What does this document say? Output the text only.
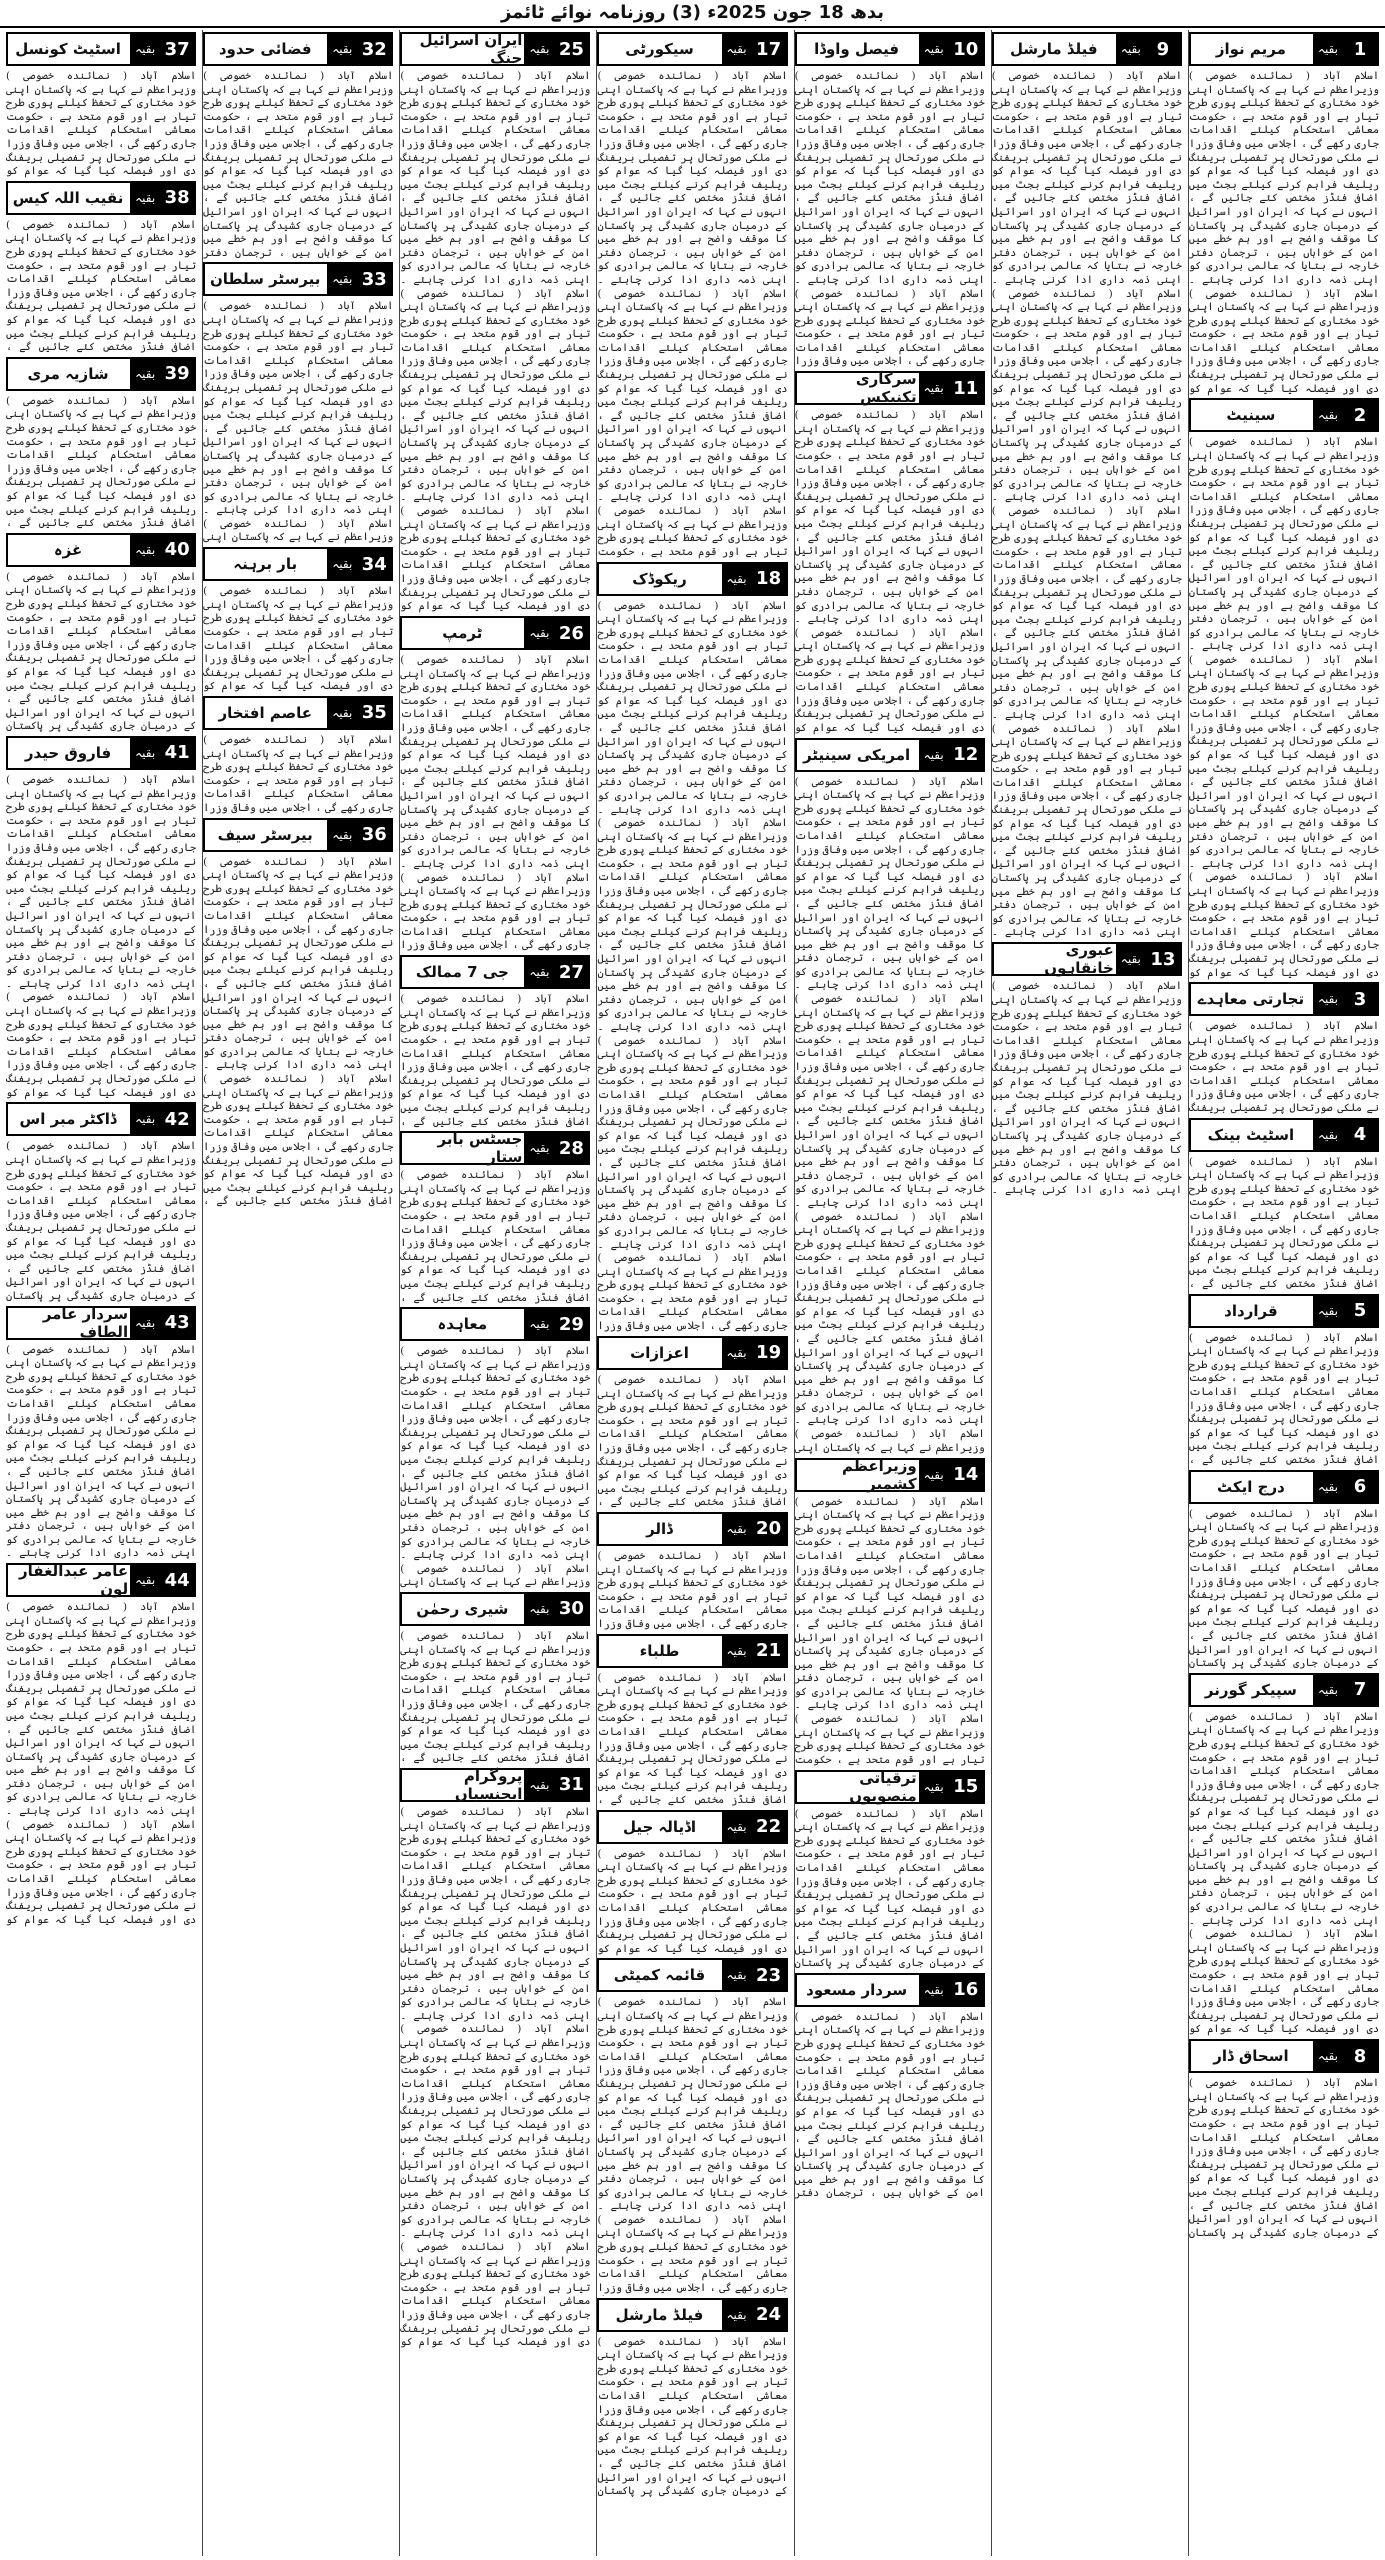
بدھ 18 جون 2025ء (3) روزنامہ نوائے ٹائمز
1
بقیہ
مریم نواز

اسلام آباد ( نمائندہ خصوصی ) وزیراعظم نے کہا ہے کہ پاکستان اپنی خود مختاری کے تحفظ کیلئے پوری طرح تیار ہے اور قوم متحد ہے ، حکومت معاشی استحکام کیلئے اقدامات جاری رکھے گی ، اجلاس میں وفاقی وزرا نے ملکی صورتحال پر تفصیلی بریفنگ دی اور فیصلہ کیا گیا کہ عوام کو ریلیف فراہم کرنے کیلئے بجٹ میں اضافی فنڈز مختص کئے جائیں گے ، انہوں نے کہا کہ ایران اور اسرائیل کے درمیان جاری کشیدگی پر پاکستان کا موقف واضح ہے اور ہم خطے میں امن کے خواہاں ہیں ، ترجمان دفتر خارجہ نے بتایا کہ عالمی برادری کو اپنی ذمہ داری ادا کرنی چاہئے ۔ اسلام آباد ( نمائندہ خصوصی ) وزیراعظم نے کہا ہے کہ پاکستان اپنی خود مختاری کے تحفظ کیلئے پوری طرح تیار ہے اور قوم متحد ہے ، حکومت معاشی استحکام کیلئے اقدامات جاری رکھے گی ، اجلاس میں وفاقی وزرا نے ملکی صورتحال پر تفصیلی بریفنگ دی اور فیصلہ کیا گیا کہ عوام کو

2
بقیہ
سینیٹ

اسلام آباد ( نمائندہ خصوصی ) وزیراعظم نے کہا ہے کہ پاکستان اپنی خود مختاری کے تحفظ کیلئے پوری طرح تیار ہے اور قوم متحد ہے ، حکومت معاشی استحکام کیلئے اقدامات جاری رکھے گی ، اجلاس میں وفاقی وزرا نے ملکی صورتحال پر تفصیلی بریفنگ دی اور فیصلہ کیا گیا کہ عوام کو ریلیف فراہم کرنے کیلئے بجٹ میں اضافی فنڈز مختص کئے جائیں گے ، انہوں نے کہا کہ ایران اور اسرائیل کے درمیان جاری کشیدگی پر پاکستان کا موقف واضح ہے اور ہم خطے میں امن کے خواہاں ہیں ، ترجمان دفتر خارجہ نے بتایا کہ عالمی برادری کو اپنی ذمہ داری ادا کرنی چاہئے ۔ اسلام آباد ( نمائندہ خصوصی ) وزیراعظم نے کہا ہے کہ پاکستان اپنی خود مختاری کے تحفظ کیلئے پوری طرح تیار ہے اور قوم متحد ہے ، حکومت معاشی استحکام کیلئے اقدامات جاری رکھے گی ، اجلاس میں وفاقی وزرا نے ملکی صورتحال پر تفصیلی بریفنگ دی اور فیصلہ کیا گیا کہ عوام کو ریلیف فراہم کرنے کیلئے بجٹ میں اضافی فنڈز مختص کئے جائیں گے ، انہوں نے کہا کہ ایران اور اسرائیل کے درمیان جاری کشیدگی پر پاکستان کا موقف واضح ہے اور ہم خطے میں امن کے خواہاں ہیں ، ترجمان دفتر خارجہ نے بتایا کہ عالمی برادری کو اپنی ذمہ داری ادا کرنی چاہئے ۔ اسلام آباد ( نمائندہ خصوصی ) وزیراعظم نے کہا ہے کہ پاکستان اپنی خود مختاری کے تحفظ کیلئے پوری طرح تیار ہے اور قوم متحد ہے ، حکومت معاشی استحکام کیلئے اقدامات جاری رکھے گی ، اجلاس میں وفاقی وزرا نے ملکی صورتحال پر تفصیلی بریفنگ دی اور فیصلہ کیا گیا کہ عوام کو

3
بقیہ
تجارتی معاہدے

اسلام آباد ( نمائندہ خصوصی ) وزیراعظم نے کہا ہے کہ پاکستان اپنی خود مختاری کے تحفظ کیلئے پوری طرح تیار ہے اور قوم متحد ہے ، حکومت معاشی استحکام کیلئے اقدامات جاری رکھے گی ، اجلاس میں وفاقی وزرا نے ملکی صورتحال پر تفصیلی بریفنگ

4
بقیہ
اسٹیٹ بینک

اسلام آباد ( نمائندہ خصوصی ) وزیراعظم نے کہا ہے کہ پاکستان اپنی خود مختاری کے تحفظ کیلئے پوری طرح تیار ہے اور قوم متحد ہے ، حکومت معاشی استحکام کیلئے اقدامات جاری رکھے گی ، اجلاس میں وفاقی وزرا نے ملکی صورتحال پر تفصیلی بریفنگ دی اور فیصلہ کیا گیا کہ عوام کو ریلیف فراہم کرنے کیلئے بجٹ میں اضافی فنڈز مختص کئے جائیں گے ،

5
بقیہ
قرارداد

اسلام آباد ( نمائندہ خصوصی ) وزیراعظم نے کہا ہے کہ پاکستان اپنی خود مختاری کے تحفظ کیلئے پوری طرح تیار ہے اور قوم متحد ہے ، حکومت معاشی استحکام کیلئے اقدامات جاری رکھے گی ، اجلاس میں وفاقی وزرا نے ملکی صورتحال پر تفصیلی بریفنگ دی اور فیصلہ کیا گیا کہ عوام کو ریلیف فراہم کرنے کیلئے بجٹ میں اضافی فنڈز مختص کئے جائیں گے ،

6
بقیہ
درج ایکٹ

اسلام آباد ( نمائندہ خصوصی ) وزیراعظم نے کہا ہے کہ پاکستان اپنی خود مختاری کے تحفظ کیلئے پوری طرح تیار ہے اور قوم متحد ہے ، حکومت معاشی استحکام کیلئے اقدامات جاری رکھے گی ، اجلاس میں وفاقی وزرا نے ملکی صورتحال پر تفصیلی بریفنگ دی اور فیصلہ کیا گیا کہ عوام کو ریلیف فراہم کرنے کیلئے بجٹ میں اضافی فنڈز مختص کئے جائیں گے ، انہوں نے کہا کہ ایران اور اسرائیل کے درمیان جاری کشیدگی پر پاکستان

7
بقیہ
سپیکر گورنر

اسلام آباد ( نمائندہ خصوصی ) وزیراعظم نے کہا ہے کہ پاکستان اپنی خود مختاری کے تحفظ کیلئے پوری طرح تیار ہے اور قوم متحد ہے ، حکومت معاشی استحکام کیلئے اقدامات جاری رکھے گی ، اجلاس میں وفاقی وزرا نے ملکی صورتحال پر تفصیلی بریفنگ دی اور فیصلہ کیا گیا کہ عوام کو ریلیف فراہم کرنے کیلئے بجٹ میں اضافی فنڈز مختص کئے جائیں گے ، انہوں نے کہا کہ ایران اور اسرائیل کے درمیان جاری کشیدگی پر پاکستان کا موقف واضح ہے اور ہم خطے میں امن کے خواہاں ہیں ، ترجمان دفتر خارجہ نے بتایا کہ عالمی برادری کو اپنی ذمہ داری ادا کرنی چاہئے ۔ اسلام آباد ( نمائندہ خصوصی ) وزیراعظم نے کہا ہے کہ پاکستان اپنی خود مختاری کے تحفظ کیلئے پوری طرح تیار ہے اور قوم متحد ہے ، حکومت معاشی استحکام کیلئے اقدامات جاری رکھے گی ، اجلاس میں وفاقی وزرا نے ملکی صورتحال پر تفصیلی بریفنگ دی اور فیصلہ کیا گیا کہ عوام کو

8
بقیہ
اسحاق ڈار

اسلام آباد ( نمائندہ خصوصی ) وزیراعظم نے کہا ہے کہ پاکستان اپنی خود مختاری کے تحفظ کیلئے پوری طرح تیار ہے اور قوم متحد ہے ، حکومت معاشی استحکام کیلئے اقدامات جاری رکھے گی ، اجلاس میں وفاقی وزرا نے ملکی صورتحال پر تفصیلی بریفنگ دی اور فیصلہ کیا گیا کہ عوام کو ریلیف فراہم کرنے کیلئے بجٹ میں اضافی فنڈز مختص کئے جائیں گے ، انہوں نے کہا کہ ایران اور اسرائیل کے درمیان جاری کشیدگی پر پاکستان

9
بقیہ
فیلڈ مارشل

اسلام آباد ( نمائندہ خصوصی ) وزیراعظم نے کہا ہے کہ پاکستان اپنی خود مختاری کے تحفظ کیلئے پوری طرح تیار ہے اور قوم متحد ہے ، حکومت معاشی استحکام کیلئے اقدامات جاری رکھے گی ، اجلاس میں وفاقی وزرا نے ملکی صورتحال پر تفصیلی بریفنگ دی اور فیصلہ کیا گیا کہ عوام کو ریلیف فراہم کرنے کیلئے بجٹ میں اضافی فنڈز مختص کئے جائیں گے ، انہوں نے کہا کہ ایران اور اسرائیل کے درمیان جاری کشیدگی پر پاکستان کا موقف واضح ہے اور ہم خطے میں امن کے خواہاں ہیں ، ترجمان دفتر خارجہ نے بتایا کہ عالمی برادری کو اپنی ذمہ داری ادا کرنی چاہئے ۔ اسلام آباد ( نمائندہ خصوصی ) وزیراعظم نے کہا ہے کہ پاکستان اپنی خود مختاری کے تحفظ کیلئے پوری طرح تیار ہے اور قوم متحد ہے ، حکومت معاشی استحکام کیلئے اقدامات جاری رکھے گی ، اجلاس میں وفاقی وزرا نے ملکی صورتحال پر تفصیلی بریفنگ دی اور فیصلہ کیا گیا کہ عوام کو ریلیف فراہم کرنے کیلئے بجٹ میں اضافی فنڈز مختص کئے جائیں گے ، انہوں نے کہا کہ ایران اور اسرائیل کے درمیان جاری کشیدگی پر پاکستان کا موقف واضح ہے اور ہم خطے میں امن کے خواہاں ہیں ، ترجمان دفتر خارجہ نے بتایا کہ عالمی برادری کو اپنی ذمہ داری ادا کرنی چاہئے ۔ اسلام آباد ( نمائندہ خصوصی ) وزیراعظم نے کہا ہے کہ پاکستان اپنی خود مختاری کے تحفظ کیلئے پوری طرح تیار ہے اور قوم متحد ہے ، حکومت معاشی استحکام کیلئے اقدامات جاری رکھے گی ، اجلاس میں وفاقی وزرا نے ملکی صورتحال پر تفصیلی بریفنگ دی اور فیصلہ کیا گیا کہ عوام کو ریلیف فراہم کرنے کیلئے بجٹ میں اضافی فنڈز مختص کئے جائیں گے ، انہوں نے کہا کہ ایران اور اسرائیل کے درمیان جاری کشیدگی پر پاکستان کا موقف واضح ہے اور ہم خطے میں امن کے خواہاں ہیں ، ترجمان دفتر خارجہ نے بتایا کہ عالمی برادری کو اپنی ذمہ داری ادا کرنی چاہئے ۔ اسلام آباد ( نمائندہ خصوصی ) وزیراعظم نے کہا ہے کہ پاکستان اپنی خود مختاری کے تحفظ کیلئے پوری طرح تیار ہے اور قوم متحد ہے ، حکومت معاشی استحکام کیلئے اقدامات جاری رکھے گی ، اجلاس میں وفاقی وزرا نے ملکی صورتحال پر تفصیلی بریفنگ دی اور فیصلہ کیا گیا کہ عوام کو ریلیف فراہم کرنے کیلئے بجٹ میں اضافی فنڈز مختص کئے جائیں گے ، انہوں نے کہا کہ ایران اور اسرائیل کے درمیان جاری کشیدگی پر پاکستان کا موقف واضح ہے اور ہم خطے میں امن کے خواہاں ہیں ، ترجمان دفتر خارجہ نے بتایا کہ عالمی برادری کو اپنی ذمہ داری ادا کرنی چاہئے ۔

13
بقیہ
عبوری خانقاہوں

اسلام آباد ( نمائندہ خصوصی ) وزیراعظم نے کہا ہے کہ پاکستان اپنی خود مختاری کے تحفظ کیلئے پوری طرح تیار ہے اور قوم متحد ہے ، حکومت معاشی استحکام کیلئے اقدامات جاری رکھے گی ، اجلاس میں وفاقی وزرا نے ملکی صورتحال پر تفصیلی بریفنگ دی اور فیصلہ کیا گیا کہ عوام کو ریلیف فراہم کرنے کیلئے بجٹ میں اضافی فنڈز مختص کئے جائیں گے ، انہوں نے کہا کہ ایران اور اسرائیل کے درمیان جاری کشیدگی پر پاکستان کا موقف واضح ہے اور ہم خطے میں امن کے خواہاں ہیں ، ترجمان دفتر خارجہ نے بتایا کہ عالمی برادری کو اپنی ذمہ داری ادا کرنی چاہئے ۔

10
بقیہ
فیصل واوڈا

اسلام آباد ( نمائندہ خصوصی ) وزیراعظم نے کہا ہے کہ پاکستان اپنی خود مختاری کے تحفظ کیلئے پوری طرح تیار ہے اور قوم متحد ہے ، حکومت معاشی استحکام کیلئے اقدامات جاری رکھے گی ، اجلاس میں وفاقی وزرا نے ملکی صورتحال پر تفصیلی بریفنگ دی اور فیصلہ کیا گیا کہ عوام کو ریلیف فراہم کرنے کیلئے بجٹ میں اضافی فنڈز مختص کئے جائیں گے ، انہوں نے کہا کہ ایران اور اسرائیل کے درمیان جاری کشیدگی پر پاکستان کا موقف واضح ہے اور ہم خطے میں امن کے خواہاں ہیں ، ترجمان دفتر خارجہ نے بتایا کہ عالمی برادری کو اپنی ذمہ داری ادا کرنی چاہئے ۔ اسلام آباد ( نمائندہ خصوصی ) وزیراعظم نے کہا ہے کہ پاکستان اپنی خود مختاری کے تحفظ کیلئے پوری طرح تیار ہے اور قوم متحد ہے ، حکومت معاشی استحکام کیلئے اقدامات جاری رکھے گی ، اجلاس میں وفاقی وزرا

11
بقیہ
سرکاری تکنیکس

اسلام آباد ( نمائندہ خصوصی ) وزیراعظم نے کہا ہے کہ پاکستان اپنی خود مختاری کے تحفظ کیلئے پوری طرح تیار ہے اور قوم متحد ہے ، حکومت معاشی استحکام کیلئے اقدامات جاری رکھے گی ، اجلاس میں وفاقی وزرا نے ملکی صورتحال پر تفصیلی بریفنگ دی اور فیصلہ کیا گیا کہ عوام کو ریلیف فراہم کرنے کیلئے بجٹ میں اضافی فنڈز مختص کئے جائیں گے ، انہوں نے کہا کہ ایران اور اسرائیل کے درمیان جاری کشیدگی پر پاکستان کا موقف واضح ہے اور ہم خطے میں امن کے خواہاں ہیں ، ترجمان دفتر خارجہ نے بتایا کہ عالمی برادری کو اپنی ذمہ داری ادا کرنی چاہئے ۔ اسلام آباد ( نمائندہ خصوصی ) وزیراعظم نے کہا ہے کہ پاکستان اپنی خود مختاری کے تحفظ کیلئے پوری طرح تیار ہے اور قوم متحد ہے ، حکومت معاشی استحکام کیلئے اقدامات جاری رکھے گی ، اجلاس میں وفاقی وزرا نے ملکی صورتحال پر تفصیلی بریفنگ دی اور فیصلہ کیا گیا کہ عوام کو

12
بقیہ
امریکی سینیٹر

اسلام آباد ( نمائندہ خصوصی ) وزیراعظم نے کہا ہے کہ پاکستان اپنی خود مختاری کے تحفظ کیلئے پوری طرح تیار ہے اور قوم متحد ہے ، حکومت معاشی استحکام کیلئے اقدامات جاری رکھے گی ، اجلاس میں وفاقی وزرا نے ملکی صورتحال پر تفصیلی بریفنگ دی اور فیصلہ کیا گیا کہ عوام کو ریلیف فراہم کرنے کیلئے بجٹ میں اضافی فنڈز مختص کئے جائیں گے ، انہوں نے کہا کہ ایران اور اسرائیل کے درمیان جاری کشیدگی پر پاکستان کا موقف واضح ہے اور ہم خطے میں امن کے خواہاں ہیں ، ترجمان دفتر خارجہ نے بتایا کہ عالمی برادری کو اپنی ذمہ داری ادا کرنی چاہئے ۔ اسلام آباد ( نمائندہ خصوصی ) وزیراعظم نے کہا ہے کہ پاکستان اپنی خود مختاری کے تحفظ کیلئے پوری طرح تیار ہے اور قوم متحد ہے ، حکومت معاشی استحکام کیلئے اقدامات جاری رکھے گی ، اجلاس میں وفاقی وزرا نے ملکی صورتحال پر تفصیلی بریفنگ دی اور فیصلہ کیا گیا کہ عوام کو ریلیف فراہم کرنے کیلئے بجٹ میں اضافی فنڈز مختص کئے جائیں گے ، انہوں نے کہا کہ ایران اور اسرائیل کے درمیان جاری کشیدگی پر پاکستان کا موقف واضح ہے اور ہم خطے میں امن کے خواہاں ہیں ، ترجمان دفتر خارجہ نے بتایا کہ عالمی برادری کو اپنی ذمہ داری ادا کرنی چاہئے ۔ اسلام آباد ( نمائندہ خصوصی ) وزیراعظم نے کہا ہے کہ پاکستان اپنی خود مختاری کے تحفظ کیلئے پوری طرح تیار ہے اور قوم متحد ہے ، حکومت معاشی استحکام کیلئے اقدامات جاری رکھے گی ، اجلاس میں وفاقی وزرا نے ملکی صورتحال پر تفصیلی بریفنگ دی اور فیصلہ کیا گیا کہ عوام کو ریلیف فراہم کرنے کیلئے بجٹ میں اضافی فنڈز مختص کئے جائیں گے ، انہوں نے کہا کہ ایران اور اسرائیل کے درمیان جاری کشیدگی پر پاکستان کا موقف واضح ہے اور ہم خطے میں امن کے خواہاں ہیں ، ترجمان دفتر خارجہ نے بتایا کہ عالمی برادری کو اپنی ذمہ داری ادا کرنی چاہئے ۔ اسلام آباد ( نمائندہ خصوصی ) وزیراعظم نے کہا ہے کہ پاکستان اپنی

14
بقیہ
وزیراعظم کشمیر

اسلام آباد ( نمائندہ خصوصی ) وزیراعظم نے کہا ہے کہ پاکستان اپنی خود مختاری کے تحفظ کیلئے پوری طرح تیار ہے اور قوم متحد ہے ، حکومت معاشی استحکام کیلئے اقدامات جاری رکھے گی ، اجلاس میں وفاقی وزرا نے ملکی صورتحال پر تفصیلی بریفنگ دی اور فیصلہ کیا گیا کہ عوام کو ریلیف فراہم کرنے کیلئے بجٹ میں اضافی فنڈز مختص کئے جائیں گے ، انہوں نے کہا کہ ایران اور اسرائیل کے درمیان جاری کشیدگی پر پاکستان کا موقف واضح ہے اور ہم خطے میں امن کے خواہاں ہیں ، ترجمان دفتر خارجہ نے بتایا کہ عالمی برادری کو اپنی ذمہ داری ادا کرنی چاہئے ۔ اسلام آباد ( نمائندہ خصوصی ) وزیراعظم نے کہا ہے کہ پاکستان اپنی خود مختاری کے تحفظ کیلئے پوری طرح تیار ہے اور قوم متحد ہے ، حکومت

15
بقیہ
ترقیاتی منصوبوں

اسلام آباد ( نمائندہ خصوصی ) وزیراعظم نے کہا ہے کہ پاکستان اپنی خود مختاری کے تحفظ کیلئے پوری طرح تیار ہے اور قوم متحد ہے ، حکومت معاشی استحکام کیلئے اقدامات جاری رکھے گی ، اجلاس میں وفاقی وزرا نے ملکی صورتحال پر تفصیلی بریفنگ دی اور فیصلہ کیا گیا کہ عوام کو ریلیف فراہم کرنے کیلئے بجٹ میں اضافی فنڈز مختص کئے جائیں گے ، انہوں نے کہا کہ ایران اور اسرائیل کے درمیان جاری کشیدگی پر پاکستان

16
بقیہ
سردار مسعود

اسلام آباد ( نمائندہ خصوصی ) وزیراعظم نے کہا ہے کہ پاکستان اپنی خود مختاری کے تحفظ کیلئے پوری طرح تیار ہے اور قوم متحد ہے ، حکومت معاشی استحکام کیلئے اقدامات جاری رکھے گی ، اجلاس میں وفاقی وزرا نے ملکی صورتحال پر تفصیلی بریفنگ دی اور فیصلہ کیا گیا کہ عوام کو ریلیف فراہم کرنے کیلئے بجٹ میں اضافی فنڈز مختص کئے جائیں گے ، انہوں نے کہا کہ ایران اور اسرائیل کے درمیان جاری کشیدگی پر پاکستان کا موقف واضح ہے اور ہم خطے میں امن کے خواہاں ہیں ، ترجمان دفتر

17
بقیہ
سیکورٹی

اسلام آباد ( نمائندہ خصوصی ) وزیراعظم نے کہا ہے کہ پاکستان اپنی خود مختاری کے تحفظ کیلئے پوری طرح تیار ہے اور قوم متحد ہے ، حکومت معاشی استحکام کیلئے اقدامات جاری رکھے گی ، اجلاس میں وفاقی وزرا نے ملکی صورتحال پر تفصیلی بریفنگ دی اور فیصلہ کیا گیا کہ عوام کو ریلیف فراہم کرنے کیلئے بجٹ میں اضافی فنڈز مختص کئے جائیں گے ، انہوں نے کہا کہ ایران اور اسرائیل کے درمیان جاری کشیدگی پر پاکستان کا موقف واضح ہے اور ہم خطے میں امن کے خواہاں ہیں ، ترجمان دفتر خارجہ نے بتایا کہ عالمی برادری کو اپنی ذمہ داری ادا کرنی چاہئے ۔ اسلام آباد ( نمائندہ خصوصی ) وزیراعظم نے کہا ہے کہ پاکستان اپنی خود مختاری کے تحفظ کیلئے پوری طرح تیار ہے اور قوم متحد ہے ، حکومت معاشی استحکام کیلئے اقدامات جاری رکھے گی ، اجلاس میں وفاقی وزرا نے ملکی صورتحال پر تفصیلی بریفنگ دی اور فیصلہ کیا گیا کہ عوام کو ریلیف فراہم کرنے کیلئے بجٹ میں اضافی فنڈز مختص کئے جائیں گے ، انہوں نے کہا کہ ایران اور اسرائیل کے درمیان جاری کشیدگی پر پاکستان کا موقف واضح ہے اور ہم خطے میں امن کے خواہاں ہیں ، ترجمان دفتر خارجہ نے بتایا کہ عالمی برادری کو اپنی ذمہ داری ادا کرنی چاہئے ۔ اسلام آباد ( نمائندہ خصوصی ) وزیراعظم نے کہا ہے کہ پاکستان اپنی خود مختاری کے تحفظ کیلئے پوری طرح تیار ہے اور قوم متحد ہے ، حکومت

18
بقیہ
ریکوڈک

اسلام آباد ( نمائندہ خصوصی ) وزیراعظم نے کہا ہے کہ پاکستان اپنی خود مختاری کے تحفظ کیلئے پوری طرح تیار ہے اور قوم متحد ہے ، حکومت معاشی استحکام کیلئے اقدامات جاری رکھے گی ، اجلاس میں وفاقی وزرا نے ملکی صورتحال پر تفصیلی بریفنگ دی اور فیصلہ کیا گیا کہ عوام کو ریلیف فراہم کرنے کیلئے بجٹ میں اضافی فنڈز مختص کئے جائیں گے ، انہوں نے کہا کہ ایران اور اسرائیل کے درمیان جاری کشیدگی پر پاکستان کا موقف واضح ہے اور ہم خطے میں امن کے خواہاں ہیں ، ترجمان دفتر خارجہ نے بتایا کہ عالمی برادری کو اپنی ذمہ داری ادا کرنی چاہئے ۔ اسلام آباد ( نمائندہ خصوصی ) وزیراعظم نے کہا ہے کہ پاکستان اپنی خود مختاری کے تحفظ کیلئے پوری طرح تیار ہے اور قوم متحد ہے ، حکومت معاشی استحکام کیلئے اقدامات جاری رکھے گی ، اجلاس میں وفاقی وزرا نے ملکی صورتحال پر تفصیلی بریفنگ دی اور فیصلہ کیا گیا کہ عوام کو ریلیف فراہم کرنے کیلئے بجٹ میں اضافی فنڈز مختص کئے جائیں گے ، انہوں نے کہا کہ ایران اور اسرائیل کے درمیان جاری کشیدگی پر پاکستان کا موقف واضح ہے اور ہم خطے میں امن کے خواہاں ہیں ، ترجمان دفتر خارجہ نے بتایا کہ عالمی برادری کو اپنی ذمہ داری ادا کرنی چاہئے ۔ اسلام آباد ( نمائندہ خصوصی ) وزیراعظم نے کہا ہے کہ پاکستان اپنی خود مختاری کے تحفظ کیلئے پوری طرح تیار ہے اور قوم متحد ہے ، حکومت معاشی استحکام کیلئے اقدامات جاری رکھے گی ، اجلاس میں وفاقی وزرا نے ملکی صورتحال پر تفصیلی بریفنگ دی اور فیصلہ کیا گیا کہ عوام کو ریلیف فراہم کرنے کیلئے بجٹ میں اضافی فنڈز مختص کئے جائیں گے ، انہوں نے کہا کہ ایران اور اسرائیل کے درمیان جاری کشیدگی پر پاکستان کا موقف واضح ہے اور ہم خطے میں امن کے خواہاں ہیں ، ترجمان دفتر خارجہ نے بتایا کہ عالمی برادری کو اپنی ذمہ داری ادا کرنی چاہئے ۔ اسلام آباد ( نمائندہ خصوصی ) وزیراعظم نے کہا ہے کہ پاکستان اپنی خود مختاری کے تحفظ کیلئے پوری طرح تیار ہے اور قوم متحد ہے ، حکومت معاشی استحکام کیلئے اقدامات جاری رکھے گی ، اجلاس میں وفاقی وزرا

19
بقیہ
اعزازات

اسلام آباد ( نمائندہ خصوصی ) وزیراعظم نے کہا ہے کہ پاکستان اپنی خود مختاری کے تحفظ کیلئے پوری طرح تیار ہے اور قوم متحد ہے ، حکومت معاشی استحکام کیلئے اقدامات جاری رکھے گی ، اجلاس میں وفاقی وزرا نے ملکی صورتحال پر تفصیلی بریفنگ دی اور فیصلہ کیا گیا کہ عوام کو ریلیف فراہم کرنے کیلئے بجٹ میں اضافی فنڈز مختص کئے جائیں گے ،

20
بقیہ
ڈالر

اسلام آباد ( نمائندہ خصوصی ) وزیراعظم نے کہا ہے کہ پاکستان اپنی خود مختاری کے تحفظ کیلئے پوری طرح تیار ہے اور قوم متحد ہے ، حکومت معاشی استحکام کیلئے اقدامات جاری رکھے گی ، اجلاس میں وفاقی وزرا

21
بقیہ
طلباء

اسلام آباد ( نمائندہ خصوصی ) وزیراعظم نے کہا ہے کہ پاکستان اپنی خود مختاری کے تحفظ کیلئے پوری طرح تیار ہے اور قوم متحد ہے ، حکومت معاشی استحکام کیلئے اقدامات جاری رکھے گی ، اجلاس میں وفاقی وزرا نے ملکی صورتحال پر تفصیلی بریفنگ دی اور فیصلہ کیا گیا کہ عوام کو ریلیف فراہم کرنے کیلئے بجٹ میں اضافی فنڈز مختص کئے جائیں گے ،

22
بقیہ
اڈیالہ جیل

اسلام آباد ( نمائندہ خصوصی ) وزیراعظم نے کہا ہے کہ پاکستان اپنی خود مختاری کے تحفظ کیلئے پوری طرح تیار ہے اور قوم متحد ہے ، حکومت معاشی استحکام کیلئے اقدامات جاری رکھے گی ، اجلاس میں وفاقی وزرا نے ملکی صورتحال پر تفصیلی بریفنگ دی اور فیصلہ کیا گیا کہ عوام کو

23
بقیہ
قائمہ کمیٹی

اسلام آباد ( نمائندہ خصوصی ) وزیراعظم نے کہا ہے کہ پاکستان اپنی خود مختاری کے تحفظ کیلئے پوری طرح تیار ہے اور قوم متحد ہے ، حکومت معاشی استحکام کیلئے اقدامات جاری رکھے گی ، اجلاس میں وفاقی وزرا نے ملکی صورتحال پر تفصیلی بریفنگ دی اور فیصلہ کیا گیا کہ عوام کو ریلیف فراہم کرنے کیلئے بجٹ میں اضافی فنڈز مختص کئے جائیں گے ، انہوں نے کہا کہ ایران اور اسرائیل کے درمیان جاری کشیدگی پر پاکستان کا موقف واضح ہے اور ہم خطے میں امن کے خواہاں ہیں ، ترجمان دفتر خارجہ نے بتایا کہ عالمی برادری کو اپنی ذمہ داری ادا کرنی چاہئے ۔ اسلام آباد ( نمائندہ خصوصی ) وزیراعظم نے کہا ہے کہ پاکستان اپنی خود مختاری کے تحفظ کیلئے پوری طرح تیار ہے اور قوم متحد ہے ، حکومت معاشی استحکام کیلئے اقدامات جاری رکھے گی ، اجلاس میں وفاقی وزرا

24
بقیہ
فیلڈ مارشل

اسلام آباد ( نمائندہ خصوصی ) وزیراعظم نے کہا ہے کہ پاکستان اپنی خود مختاری کے تحفظ کیلئے پوری طرح تیار ہے اور قوم متحد ہے ، حکومت معاشی استحکام کیلئے اقدامات جاری رکھے گی ، اجلاس میں وفاقی وزرا نے ملکی صورتحال پر تفصیلی بریفنگ دی اور فیصلہ کیا گیا کہ عوام کو ریلیف فراہم کرنے کیلئے بجٹ میں اضافی فنڈز مختص کئے جائیں گے ، انہوں نے کہا کہ ایران اور اسرائیل کے درمیان جاری کشیدگی پر پاکستان

25
بقیہ
ایران اسرائیل جنگ

اسلام آباد ( نمائندہ خصوصی ) وزیراعظم نے کہا ہے کہ پاکستان اپنی خود مختاری کے تحفظ کیلئے پوری طرح تیار ہے اور قوم متحد ہے ، حکومت معاشی استحکام کیلئے اقدامات جاری رکھے گی ، اجلاس میں وفاقی وزرا نے ملکی صورتحال پر تفصیلی بریفنگ دی اور فیصلہ کیا گیا کہ عوام کو ریلیف فراہم کرنے کیلئے بجٹ میں اضافی فنڈز مختص کئے جائیں گے ، انہوں نے کہا کہ ایران اور اسرائیل کے درمیان جاری کشیدگی پر پاکستان کا موقف واضح ہے اور ہم خطے میں امن کے خواہاں ہیں ، ترجمان دفتر خارجہ نے بتایا کہ عالمی برادری کو اپنی ذمہ داری ادا کرنی چاہئے ۔ اسلام آباد ( نمائندہ خصوصی ) وزیراعظم نے کہا ہے کہ پاکستان اپنی خود مختاری کے تحفظ کیلئے پوری طرح تیار ہے اور قوم متحد ہے ، حکومت معاشی استحکام کیلئے اقدامات جاری رکھے گی ، اجلاس میں وفاقی وزرا نے ملکی صورتحال پر تفصیلی بریفنگ دی اور فیصلہ کیا گیا کہ عوام کو ریلیف فراہم کرنے کیلئے بجٹ میں اضافی فنڈز مختص کئے جائیں گے ، انہوں نے کہا کہ ایران اور اسرائیل کے درمیان جاری کشیدگی پر پاکستان کا موقف واضح ہے اور ہم خطے میں امن کے خواہاں ہیں ، ترجمان دفتر خارجہ نے بتایا کہ عالمی برادری کو اپنی ذمہ داری ادا کرنی چاہئے ۔ اسلام آباد ( نمائندہ خصوصی ) وزیراعظم نے کہا ہے کہ پاکستان اپنی خود مختاری کے تحفظ کیلئے پوری طرح تیار ہے اور قوم متحد ہے ، حکومت معاشی استحکام کیلئے اقدامات جاری رکھے گی ، اجلاس میں وفاقی وزرا نے ملکی صورتحال پر تفصیلی بریفنگ دی اور فیصلہ کیا گیا کہ عوام کو

26
بقیہ
ٹرمپ

اسلام آباد ( نمائندہ خصوصی ) وزیراعظم نے کہا ہے کہ پاکستان اپنی خود مختاری کے تحفظ کیلئے پوری طرح تیار ہے اور قوم متحد ہے ، حکومت معاشی استحکام کیلئے اقدامات جاری رکھے گی ، اجلاس میں وفاقی وزرا نے ملکی صورتحال پر تفصیلی بریفنگ دی اور فیصلہ کیا گیا کہ عوام کو ریلیف فراہم کرنے کیلئے بجٹ میں اضافی فنڈز مختص کئے جائیں گے ، انہوں نے کہا کہ ایران اور اسرائیل کے درمیان جاری کشیدگی پر پاکستان کا موقف واضح ہے اور ہم خطے میں امن کے خواہاں ہیں ، ترجمان دفتر خارجہ نے بتایا کہ عالمی برادری کو اپنی ذمہ داری ادا کرنی چاہئے ۔ اسلام آباد ( نمائندہ خصوصی ) وزیراعظم نے کہا ہے کہ پاکستان اپنی خود مختاری کے تحفظ کیلئے پوری طرح تیار ہے اور قوم متحد ہے ، حکومت معاشی استحکام کیلئے اقدامات جاری رکھے گی ، اجلاس میں وفاقی وزرا

27
بقیہ
جی 7 ممالک

اسلام آباد ( نمائندہ خصوصی ) وزیراعظم نے کہا ہے کہ پاکستان اپنی خود مختاری کے تحفظ کیلئے پوری طرح تیار ہے اور قوم متحد ہے ، حکومت معاشی استحکام کیلئے اقدامات جاری رکھے گی ، اجلاس میں وفاقی وزرا نے ملکی صورتحال پر تفصیلی بریفنگ دی اور فیصلہ کیا گیا کہ عوام کو ریلیف فراہم کرنے کیلئے بجٹ میں اضافی فنڈز مختص کئے جائیں گے ،

28
بقیہ
جسٹس بابر ستار

اسلام آباد ( نمائندہ خصوصی ) وزیراعظم نے کہا ہے کہ پاکستان اپنی خود مختاری کے تحفظ کیلئے پوری طرح تیار ہے اور قوم متحد ہے ، حکومت معاشی استحکام کیلئے اقدامات جاری رکھے گی ، اجلاس میں وفاقی وزرا نے ملکی صورتحال پر تفصیلی بریفنگ دی اور فیصلہ کیا گیا کہ عوام کو ریلیف فراہم کرنے کیلئے بجٹ میں اضافی فنڈز مختص کئے جائیں گے ،

29
بقیہ
معاہدہ

اسلام آباد ( نمائندہ خصوصی ) وزیراعظم نے کہا ہے کہ پاکستان اپنی خود مختاری کے تحفظ کیلئے پوری طرح تیار ہے اور قوم متحد ہے ، حکومت معاشی استحکام کیلئے اقدامات جاری رکھے گی ، اجلاس میں وفاقی وزرا نے ملکی صورتحال پر تفصیلی بریفنگ دی اور فیصلہ کیا گیا کہ عوام کو ریلیف فراہم کرنے کیلئے بجٹ میں اضافی فنڈز مختص کئے جائیں گے ، انہوں نے کہا کہ ایران اور اسرائیل کے درمیان جاری کشیدگی پر پاکستان کا موقف واضح ہے اور ہم خطے میں امن کے خواہاں ہیں ، ترجمان دفتر خارجہ نے بتایا کہ عالمی برادری کو اپنی ذمہ داری ادا کرنی چاہئے ۔ اسلام آباد ( نمائندہ خصوصی ) وزیراعظم نے کہا ہے کہ پاکستان اپنی

30
بقیہ
شیری رحمٰن

اسلام آباد ( نمائندہ خصوصی ) وزیراعظم نے کہا ہے کہ پاکستان اپنی خود مختاری کے تحفظ کیلئے پوری طرح تیار ہے اور قوم متحد ہے ، حکومت معاشی استحکام کیلئے اقدامات جاری رکھے گی ، اجلاس میں وفاقی وزرا نے ملکی صورتحال پر تفصیلی بریفنگ دی اور فیصلہ کیا گیا کہ عوام کو ریلیف فراہم کرنے کیلئے بجٹ میں اضافی فنڈز مختص کئے جائیں گے ،

31
بقیہ
پروگرام ایجنسیاں

اسلام آباد ( نمائندہ خصوصی ) وزیراعظم نے کہا ہے کہ پاکستان اپنی خود مختاری کے تحفظ کیلئے پوری طرح تیار ہے اور قوم متحد ہے ، حکومت معاشی استحکام کیلئے اقدامات جاری رکھے گی ، اجلاس میں وفاقی وزرا نے ملکی صورتحال پر تفصیلی بریفنگ دی اور فیصلہ کیا گیا کہ عوام کو ریلیف فراہم کرنے کیلئے بجٹ میں اضافی فنڈز مختص کئے جائیں گے ، انہوں نے کہا کہ ایران اور اسرائیل کے درمیان جاری کشیدگی پر پاکستان کا موقف واضح ہے اور ہم خطے میں امن کے خواہاں ہیں ، ترجمان دفتر خارجہ نے بتایا کہ عالمی برادری کو اپنی ذمہ داری ادا کرنی چاہئے ۔ اسلام آباد ( نمائندہ خصوصی ) وزیراعظم نے کہا ہے کہ پاکستان اپنی خود مختاری کے تحفظ کیلئے پوری طرح تیار ہے اور قوم متحد ہے ، حکومت معاشی استحکام کیلئے اقدامات جاری رکھے گی ، اجلاس میں وفاقی وزرا نے ملکی صورتحال پر تفصیلی بریفنگ دی اور فیصلہ کیا گیا کہ عوام کو ریلیف فراہم کرنے کیلئے بجٹ میں اضافی فنڈز مختص کئے جائیں گے ، انہوں نے کہا کہ ایران اور اسرائیل کے درمیان جاری کشیدگی پر پاکستان کا موقف واضح ہے اور ہم خطے میں امن کے خواہاں ہیں ، ترجمان دفتر خارجہ نے بتایا کہ عالمی برادری کو اپنی ذمہ داری ادا کرنی چاہئے ۔ اسلام آباد ( نمائندہ خصوصی ) وزیراعظم نے کہا ہے کہ پاکستان اپنی خود مختاری کے تحفظ کیلئے پوری طرح تیار ہے اور قوم متحد ہے ، حکومت معاشی استحکام کیلئے اقدامات جاری رکھے گی ، اجلاس میں وفاقی وزرا نے ملکی صورتحال پر تفصیلی بریفنگ دی اور فیصلہ کیا گیا کہ عوام کو

32
بقیہ
فضائی حدود

اسلام آباد ( نمائندہ خصوصی ) وزیراعظم نے کہا ہے کہ پاکستان اپنی خود مختاری کے تحفظ کیلئے پوری طرح تیار ہے اور قوم متحد ہے ، حکومت معاشی استحکام کیلئے اقدامات جاری رکھے گی ، اجلاس میں وفاقی وزرا نے ملکی صورتحال پر تفصیلی بریفنگ دی اور فیصلہ کیا گیا کہ عوام کو ریلیف فراہم کرنے کیلئے بجٹ میں اضافی فنڈز مختص کئے جائیں گے ، انہوں نے کہا کہ ایران اور اسرائیل کے درمیان جاری کشیدگی پر پاکستان کا موقف واضح ہے اور ہم خطے میں امن کے خواہاں ہیں ، ترجمان دفتر

33
بقیہ
بیرسٹر سلطان

اسلام آباد ( نمائندہ خصوصی ) وزیراعظم نے کہا ہے کہ پاکستان اپنی خود مختاری کے تحفظ کیلئے پوری طرح تیار ہے اور قوم متحد ہے ، حکومت معاشی استحکام کیلئے اقدامات جاری رکھے گی ، اجلاس میں وفاقی وزرا نے ملکی صورتحال پر تفصیلی بریفنگ دی اور فیصلہ کیا گیا کہ عوام کو ریلیف فراہم کرنے کیلئے بجٹ میں اضافی فنڈز مختص کئے جائیں گے ، انہوں نے کہا کہ ایران اور اسرائیل کے درمیان جاری کشیدگی پر پاکستان کا موقف واضح ہے اور ہم خطے میں امن کے خواہاں ہیں ، ترجمان دفتر خارجہ نے بتایا کہ عالمی برادری کو اپنی ذمہ داری ادا کرنی چاہئے ۔ اسلام آباد ( نمائندہ خصوصی ) وزیراعظم نے کہا ہے کہ پاکستان اپنی

34
بقیہ
بار برہنہ

اسلام آباد ( نمائندہ خصوصی ) وزیراعظم نے کہا ہے کہ پاکستان اپنی خود مختاری کے تحفظ کیلئے پوری طرح تیار ہے اور قوم متحد ہے ، حکومت معاشی استحکام کیلئے اقدامات جاری رکھے گی ، اجلاس میں وفاقی وزرا نے ملکی صورتحال پر تفصیلی بریفنگ دی اور فیصلہ کیا گیا کہ عوام کو

35
بقیہ
عاصم افتخار

اسلام آباد ( نمائندہ خصوصی ) وزیراعظم نے کہا ہے کہ پاکستان اپنی خود مختاری کے تحفظ کیلئے پوری طرح تیار ہے اور قوم متحد ہے ، حکومت معاشی استحکام کیلئے اقدامات جاری رکھے گی ، اجلاس میں وفاقی وزرا

36
بقیہ
بیرسٹر سیف

اسلام آباد ( نمائندہ خصوصی ) وزیراعظم نے کہا ہے کہ پاکستان اپنی خود مختاری کے تحفظ کیلئے پوری طرح تیار ہے اور قوم متحد ہے ، حکومت معاشی استحکام کیلئے اقدامات جاری رکھے گی ، اجلاس میں وفاقی وزرا نے ملکی صورتحال پر تفصیلی بریفنگ دی اور فیصلہ کیا گیا کہ عوام کو ریلیف فراہم کرنے کیلئے بجٹ میں اضافی فنڈز مختص کئے جائیں گے ، انہوں نے کہا کہ ایران اور اسرائیل کے درمیان جاری کشیدگی پر پاکستان کا موقف واضح ہے اور ہم خطے میں امن کے خواہاں ہیں ، ترجمان دفتر خارجہ نے بتایا کہ عالمی برادری کو اپنی ذمہ داری ادا کرنی چاہئے ۔ اسلام آباد ( نمائندہ خصوصی ) وزیراعظم نے کہا ہے کہ پاکستان اپنی خود مختاری کے تحفظ کیلئے پوری طرح تیار ہے اور قوم متحد ہے ، حکومت معاشی استحکام کیلئے اقدامات جاری رکھے گی ، اجلاس میں وفاقی وزرا نے ملکی صورتحال پر تفصیلی بریفنگ دی اور فیصلہ کیا گیا کہ عوام کو ریلیف فراہم کرنے کیلئے بجٹ میں اضافی فنڈز مختص کئے جائیں گے ،

37
بقیہ
اسٹیٹ کونسل

اسلام آباد ( نمائندہ خصوصی ) وزیراعظم نے کہا ہے کہ پاکستان اپنی خود مختاری کے تحفظ کیلئے پوری طرح تیار ہے اور قوم متحد ہے ، حکومت معاشی استحکام کیلئے اقدامات جاری رکھے گی ، اجلاس میں وفاقی وزرا نے ملکی صورتحال پر تفصیلی بریفنگ دی اور فیصلہ کیا گیا کہ عوام کو

38
بقیہ
نقیب اللہ کیس

اسلام آباد ( نمائندہ خصوصی ) وزیراعظم نے کہا ہے کہ پاکستان اپنی خود مختاری کے تحفظ کیلئے پوری طرح تیار ہے اور قوم متحد ہے ، حکومت معاشی استحکام کیلئے اقدامات جاری رکھے گی ، اجلاس میں وفاقی وزرا نے ملکی صورتحال پر تفصیلی بریفنگ دی اور فیصلہ کیا گیا کہ عوام کو ریلیف فراہم کرنے کیلئے بجٹ میں اضافی فنڈز مختص کئے جائیں گے ،

39
بقیہ
شازیہ مری

اسلام آباد ( نمائندہ خصوصی ) وزیراعظم نے کہا ہے کہ پاکستان اپنی خود مختاری کے تحفظ کیلئے پوری طرح تیار ہے اور قوم متحد ہے ، حکومت معاشی استحکام کیلئے اقدامات جاری رکھے گی ، اجلاس میں وفاقی وزرا نے ملکی صورتحال پر تفصیلی بریفنگ دی اور فیصلہ کیا گیا کہ عوام کو ریلیف فراہم کرنے کیلئے بجٹ میں اضافی فنڈز مختص کئے جائیں گے ،

40
بقیہ
غزہ

اسلام آباد ( نمائندہ خصوصی ) وزیراعظم نے کہا ہے کہ پاکستان اپنی خود مختاری کے تحفظ کیلئے پوری طرح تیار ہے اور قوم متحد ہے ، حکومت معاشی استحکام کیلئے اقدامات جاری رکھے گی ، اجلاس میں وفاقی وزرا نے ملکی صورتحال پر تفصیلی بریفنگ دی اور فیصلہ کیا گیا کہ عوام کو ریلیف فراہم کرنے کیلئے بجٹ میں اضافی فنڈز مختص کئے جائیں گے ، انہوں نے کہا کہ ایران اور اسرائیل کے درمیان جاری کشیدگی پر پاکستان

41
بقیہ
فاروق حیدر

اسلام آباد ( نمائندہ خصوصی ) وزیراعظم نے کہا ہے کہ پاکستان اپنی خود مختاری کے تحفظ کیلئے پوری طرح تیار ہے اور قوم متحد ہے ، حکومت معاشی استحکام کیلئے اقدامات جاری رکھے گی ، اجلاس میں وفاقی وزرا نے ملکی صورتحال پر تفصیلی بریفنگ دی اور فیصلہ کیا گیا کہ عوام کو ریلیف فراہم کرنے کیلئے بجٹ میں اضافی فنڈز مختص کئے جائیں گے ، انہوں نے کہا کہ ایران اور اسرائیل کے درمیان جاری کشیدگی پر پاکستان کا موقف واضح ہے اور ہم خطے میں امن کے خواہاں ہیں ، ترجمان دفتر خارجہ نے بتایا کہ عالمی برادری کو اپنی ذمہ داری ادا کرنی چاہئے ۔ اسلام آباد ( نمائندہ خصوصی ) وزیراعظم نے کہا ہے کہ پاکستان اپنی خود مختاری کے تحفظ کیلئے پوری طرح تیار ہے اور قوم متحد ہے ، حکومت معاشی استحکام کیلئے اقدامات جاری رکھے گی ، اجلاس میں وفاقی وزرا نے ملکی صورتحال پر تفصیلی بریفنگ دی اور فیصلہ کیا گیا کہ عوام کو

42
بقیہ
ڈاکٹر مبر اس

اسلام آباد ( نمائندہ خصوصی ) وزیراعظم نے کہا ہے کہ پاکستان اپنی خود مختاری کے تحفظ کیلئے پوری طرح تیار ہے اور قوم متحد ہے ، حکومت معاشی استحکام کیلئے اقدامات جاری رکھے گی ، اجلاس میں وفاقی وزرا نے ملکی صورتحال پر تفصیلی بریفنگ دی اور فیصلہ کیا گیا کہ عوام کو ریلیف فراہم کرنے کیلئے بجٹ میں اضافی فنڈز مختص کئے جائیں گے ، انہوں نے کہا کہ ایران اور اسرائیل کے درمیان جاری کشیدگی پر پاکستان

43
بقیہ
سردار عامر الطاف

اسلام آباد ( نمائندہ خصوصی ) وزیراعظم نے کہا ہے کہ پاکستان اپنی خود مختاری کے تحفظ کیلئے پوری طرح تیار ہے اور قوم متحد ہے ، حکومت معاشی استحکام کیلئے اقدامات جاری رکھے گی ، اجلاس میں وفاقی وزرا نے ملکی صورتحال پر تفصیلی بریفنگ دی اور فیصلہ کیا گیا کہ عوام کو ریلیف فراہم کرنے کیلئے بجٹ میں اضافی فنڈز مختص کئے جائیں گے ، انہوں نے کہا کہ ایران اور اسرائیل کے درمیان جاری کشیدگی پر پاکستان کا موقف واضح ہے اور ہم خطے میں امن کے خواہاں ہیں ، ترجمان دفتر خارجہ نے بتایا کہ عالمی برادری کو اپنی ذمہ داری ادا کرنی چاہئے ۔

44
بقیہ
عامر عبدالغفار لون

اسلام آباد ( نمائندہ خصوصی ) وزیراعظم نے کہا ہے کہ پاکستان اپنی خود مختاری کے تحفظ کیلئے پوری طرح تیار ہے اور قوم متحد ہے ، حکومت معاشی استحکام کیلئے اقدامات جاری رکھے گی ، اجلاس میں وفاقی وزرا نے ملکی صورتحال پر تفصیلی بریفنگ دی اور فیصلہ کیا گیا کہ عوام کو ریلیف فراہم کرنے کیلئے بجٹ میں اضافی فنڈز مختص کئے جائیں گے ، انہوں نے کہا کہ ایران اور اسرائیل کے درمیان جاری کشیدگی پر پاکستان کا موقف واضح ہے اور ہم خطے میں امن کے خواہاں ہیں ، ترجمان دفتر خارجہ نے بتایا کہ عالمی برادری کو اپنی ذمہ داری ادا کرنی چاہئے ۔ اسلام آباد ( نمائندہ خصوصی ) وزیراعظم نے کہا ہے کہ پاکستان اپنی خود مختاری کے تحفظ کیلئے پوری طرح تیار ہے اور قوم متحد ہے ، حکومت معاشی استحکام کیلئے اقدامات جاری رکھے گی ، اجلاس میں وفاقی وزرا نے ملکی صورتحال پر تفصیلی بریفنگ دی اور فیصلہ کیا گیا کہ عوام کو
